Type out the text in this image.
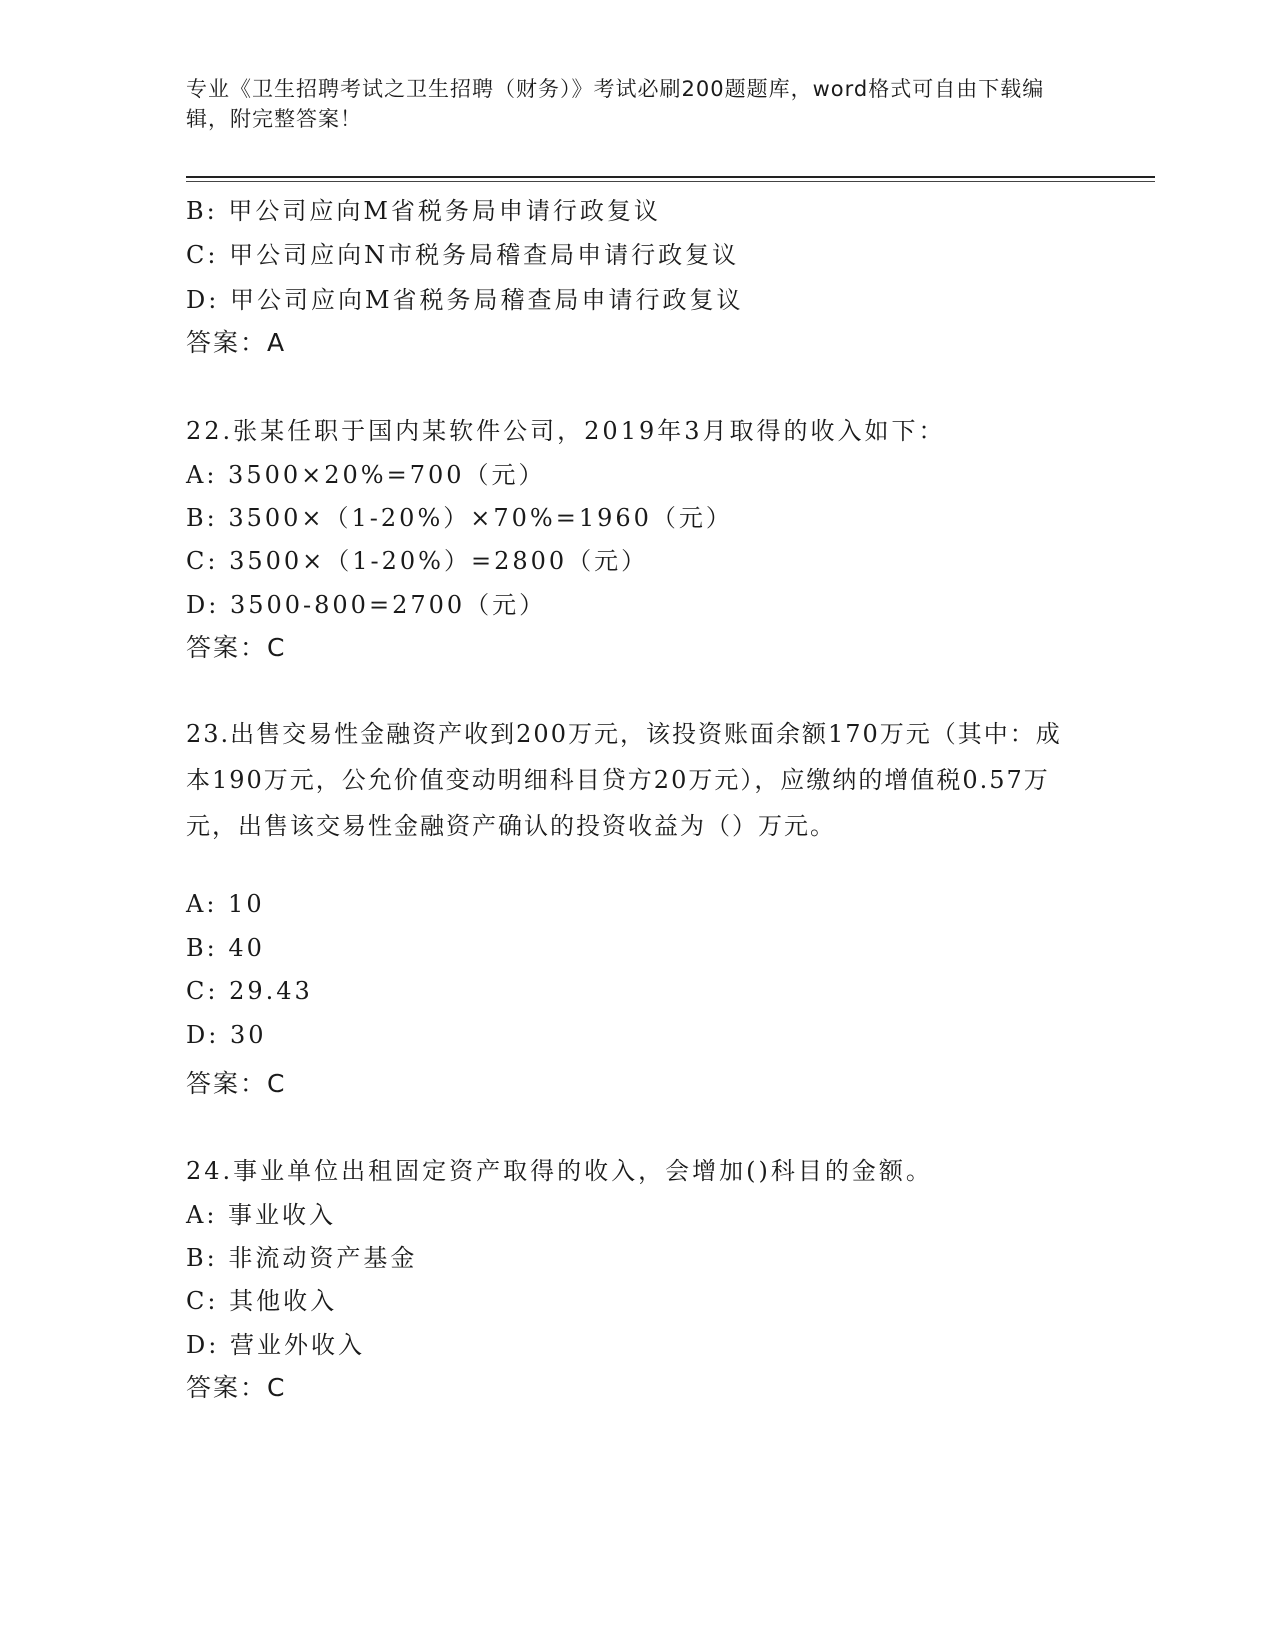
专业《卫生招聘考试之卫生招聘（财务）》考试必刷200题题库，word格式可自由下载编辑，附完整答案！
B: 甲公司应向M省税务局申请行政复议
C: 甲公司应向N市税务局稽查局申请行政复议
D: 甲公司应向M省税务局稽查局申请行政复议
答案：A
22.张某任职于国内某软件公司，2019年3月取得的收入如下：
A: 3500×20%=700（元）
B: 3500×（1-20%）×70%=1960（元）
C: 3500×（1-20%）=2800（元）
D: 3500-800=2700（元）
答案：C
23.出售交易性金融资产收到200万元，该投资账面余额170万元（其中：成本190万元，公允价值变动明细科目贷方20万元），应缴纳的增值税0.57万元，出售该交易性金融资产确认的投资收益为（）万元。
A: 10
B: 40
C: 29.43
D: 30
答案：C
24.事业单位出租固定资产取得的收入，会增加()科目的金额。
A: 事业收入
B: 非流动资产基金
C: 其他收入
D: 营业外收入
答案：C
